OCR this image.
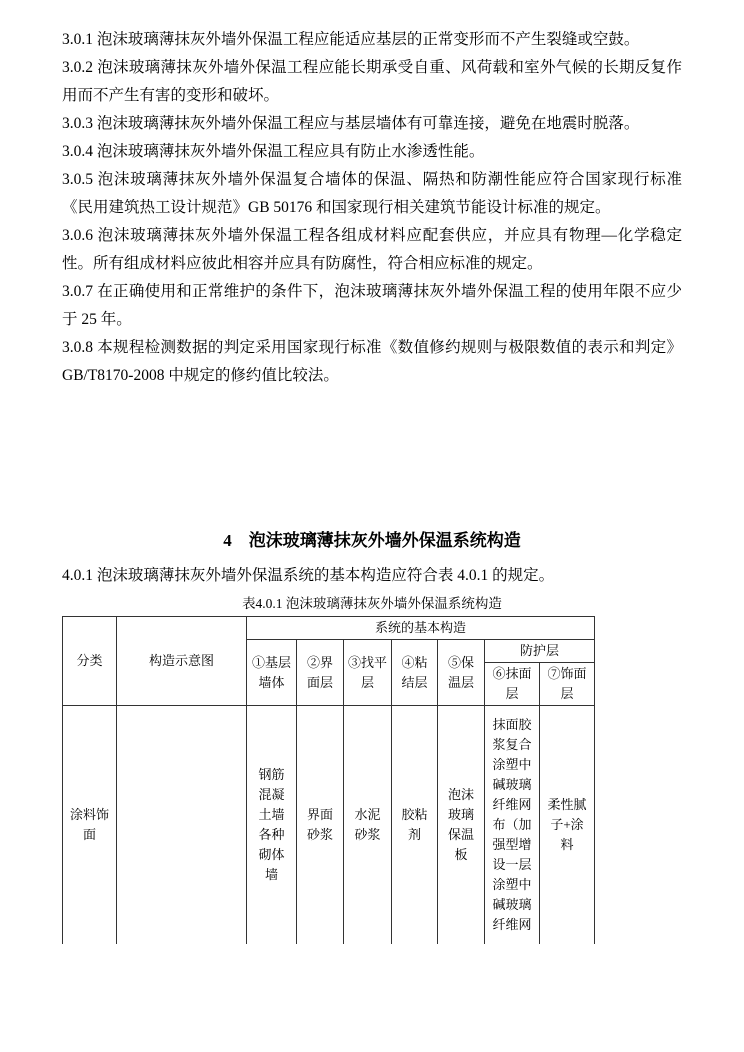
3.0.1 泡沫玻璃薄抹灰外墙外保温工程应能适应基层的正常变形而不产生裂缝或空鼓。

3.0.2 泡沫玻璃薄抹灰外墙外保温工程应能长期承受自重、风荷载和室外气候的长期反复作用而不产生有害的变形和破坏。

3.0.3 泡沫玻璃薄抹灰外墙外保温工程应与基层墙体有可靠连接，避免在地震时脱落。

3.0.4 泡沫玻璃薄抹灰外墙外保温工程应具有防止水渗透性能。

3.0.5 泡沫玻璃薄抹灰外墙外保温复合墙体的保温、隔热和防潮性能应符合国家现行标准《民用建筑热工设计规范》GB 50176 和国家现行相关建筑节能设计标准的规定。

3.0.6 泡沫玻璃薄抹灰外墙外保温工程各组成材料应配套供应，并应具有物理—化学稳定性。所有组成材料应彼此相容并应具有防腐性，符合相应标准的规定。

3.0.7 在正确使用和正常维护的条件下，泡沫玻璃薄抹灰外墙外保温工程的使用年限不应少于 25 年。

3.0.8 本规程检测数据的判定采用国家现行标准《数值修约规则与极限数值的表示和判定》GB/T8170-2008 中规定的修约值比较法。

4　泡沫玻璃薄抹灰外墙外保温系统构造

4.0.1 泡沫玻璃薄抹灰外墙外保温系统的基本构造应符合表 4.0.1 的规定。

表4.0.1 泡沫玻璃薄抹灰外墙外保温系统构造
分类	构造示意图	系统的基本构造						
		①基层墙体	②界面层	③找平层	④粘结层	⑤保温层	防护层	
							⑥抹面层	⑦饰面层
涂料饰面		钢筋混凝土墙各种砌体墙	界面砂浆	水泥砂浆	胶粘剂	泡沫玻璃保温板	抹面胶浆复合涂塑中碱玻璃纤维网布（加强型增设一层涂塑中碱玻璃纤维网	柔性腻子+涂料
